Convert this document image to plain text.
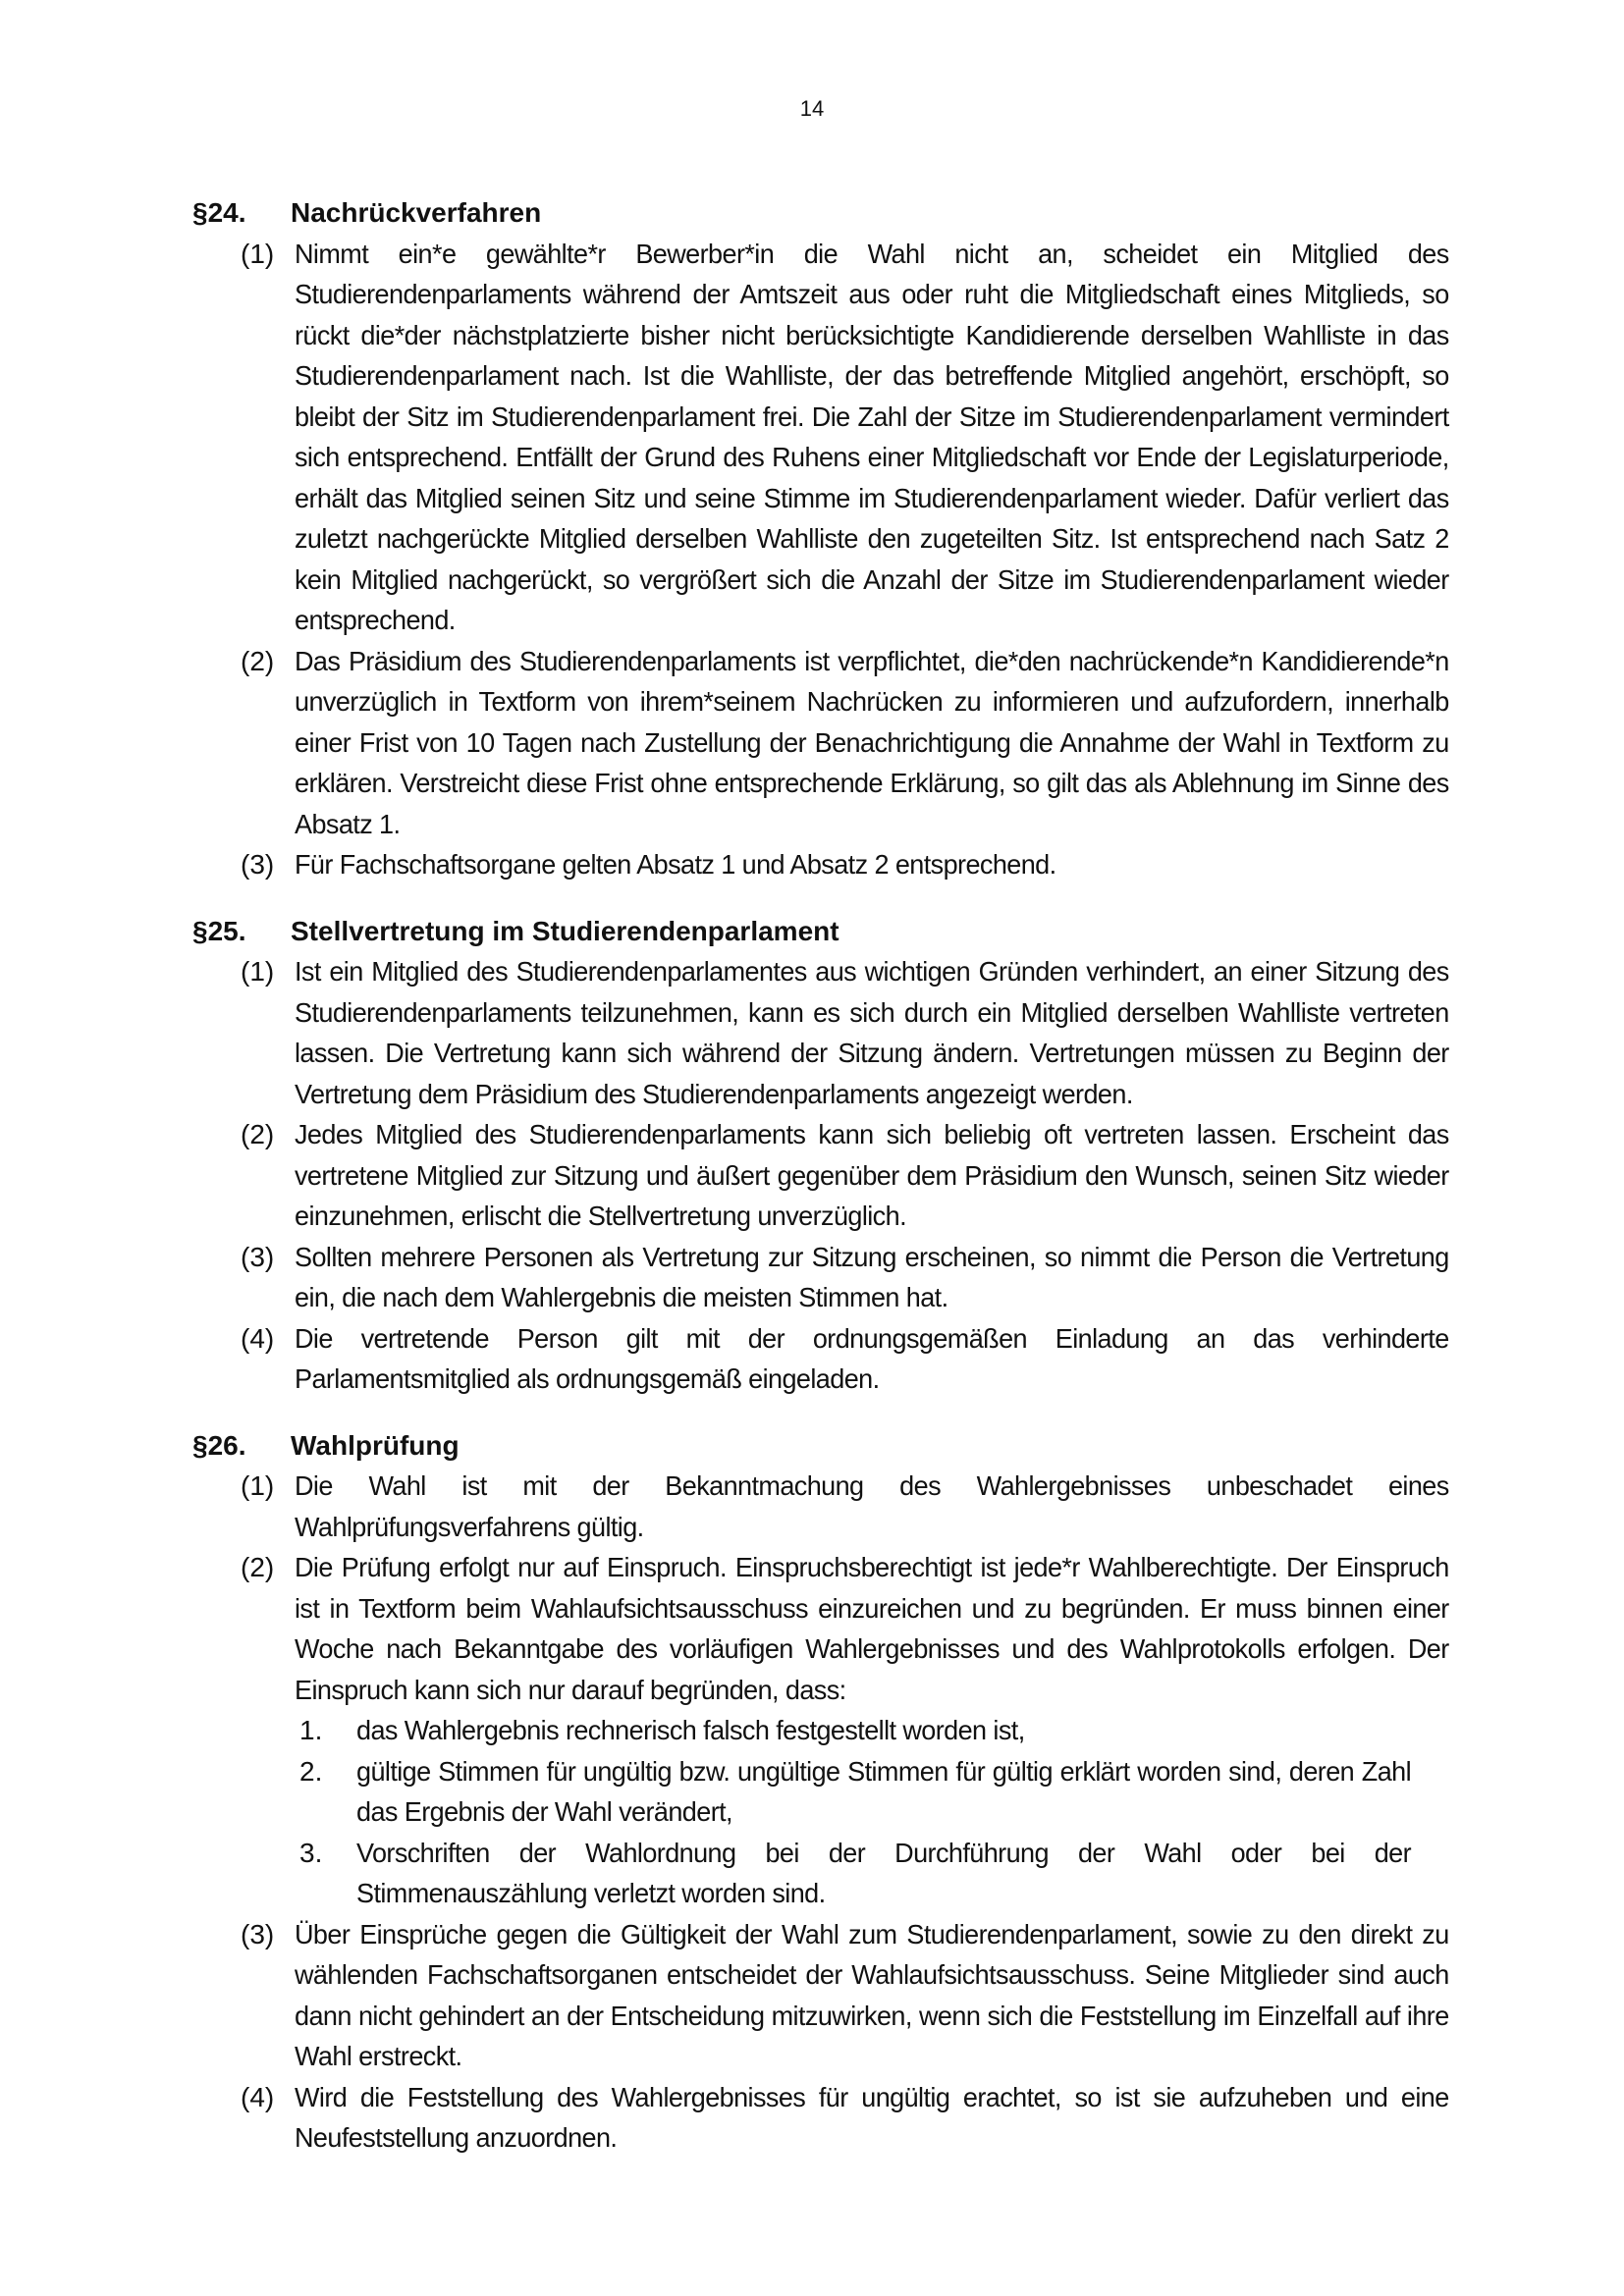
14
§24.	Nachrückverfahren
(1) Nimmt ein*e gewählte*r Bewerber*in die Wahl nicht an, scheidet ein Mitglied des Studierendenparlaments während der Amtszeit aus oder ruht die Mitgliedschaft eines Mitglieds, so rückt die*der nächstplatzierte bisher nicht berücksichtigte Kandidierende derselben Wahlliste in das Studierendenparlament nach. Ist die Wahlliste, der das betreffende Mitglied angehört, erschöpft, so bleibt der Sitz im Studierendenparlament frei. Die Zahl der Sitze im Studierendenparlament vermindert sich entsprechend. Entfällt der Grund des Ruhens einer Mitgliedschaft vor Ende der Legislaturperiode, erhält das Mitglied seinen Sitz und seine Stimme im Studierendenparlament wieder. Dafür verliert das zuletzt nachgerückte Mitglied derselben Wahlliste den zugeteilten Sitz. Ist entsprechend nach Satz 2 kein Mitglied nachgerückt, so vergrößert sich die Anzahl der Sitze im Studierendenparlament wieder entsprechend.
(2) Das Präsidium des Studierendenparlaments ist verpflichtet, die*den nachrückende*n Kandidierende*n unverzüglich in Textform von ihrem*seinem Nachrücken zu informieren und aufzufordern, innerhalb einer Frist von 10 Tagen nach Zustellung der Benachrichtigung die Annahme der Wahl in Textform zu erklären. Verstreicht diese Frist ohne entsprechende Erklärung, so gilt das als Ablehnung im Sinne des Absatz 1.
(3) Für Fachschaftsorgane gelten Absatz 1 und Absatz 2 entsprechend.
§25.	Stellvertretung im Studierendenparlament
(1) Ist ein Mitglied des Studierendenparlamentes aus wichtigen Gründen verhindert, an einer Sitzung des Studierendenparlaments teilzunehmen, kann es sich durch ein Mitglied derselben Wahlliste vertreten lassen. Die Vertretung kann sich während der Sitzung ändern. Vertretungen müssen zu Beginn der Vertretung dem Präsidium des Studierendenparlaments angezeigt werden.
(2) Jedes Mitglied des Studierendenparlaments kann sich beliebig oft vertreten lassen. Erscheint das vertretene Mitglied zur Sitzung und äußert gegenüber dem Präsidium den Wunsch, seinen Sitz wieder einzunehmen, erlischt die Stellvertretung unverzüglich.
(3) Sollten mehrere Personen als Vertretung zur Sitzung erscheinen, so nimmt die Person die Vertretung ein, die nach dem Wahlergebnis die meisten Stimmen hat.
(4) Die vertretende Person gilt mit der ordnungsgemäßen Einladung an das verhinderte Parlamentsmitglied als ordnungsgemäß eingeladen.
§26.	Wahlprüfung
(1) Die Wahl ist mit der Bekanntmachung des Wahlergebnisses unbeschadet eines Wahlprüfungsverfahrens gültig.
(2) Die Prüfung erfolgt nur auf Einspruch. Einspruchsberechtigt ist jede*r Wahlberechtigte. Der Einspruch ist in Textform beim Wahlaufsichtsausschuss einzureichen und zu begründen. Er muss binnen einer Woche nach Bekanntgabe des vorläufigen Wahlergebnisses und des Wahlprotokolls erfolgen. Der Einspruch kann sich nur darauf begründen, dass:
1.	das Wahlergebnis rechnerisch falsch festgestellt worden ist,
2.	gültige Stimmen für ungültig bzw. ungültige Stimmen für gültig erklärt worden sind, deren Zahl das Ergebnis der Wahl verändert,
3.	Vorschriften der Wahlordnung bei der Durchführung der Wahl oder bei der Stimmenauszählung verletzt worden sind.
(3) Über Einsprüche gegen die Gültigkeit der Wahl zum Studierendenparlament, sowie zu den direkt zu wählenden Fachschaftsorganen entscheidet der Wahlaufsichtsausschuss. Seine Mitglieder sind auch dann nicht gehindert an der Entscheidung mitzuwirken, wenn sich die Feststellung im Einzelfall auf ihre Wahl erstreckt.
(4) Wird die Feststellung des Wahlergebnisses für ungültig erachtet, so ist sie aufzuheben und eine Neufeststellung anzuordnen.
